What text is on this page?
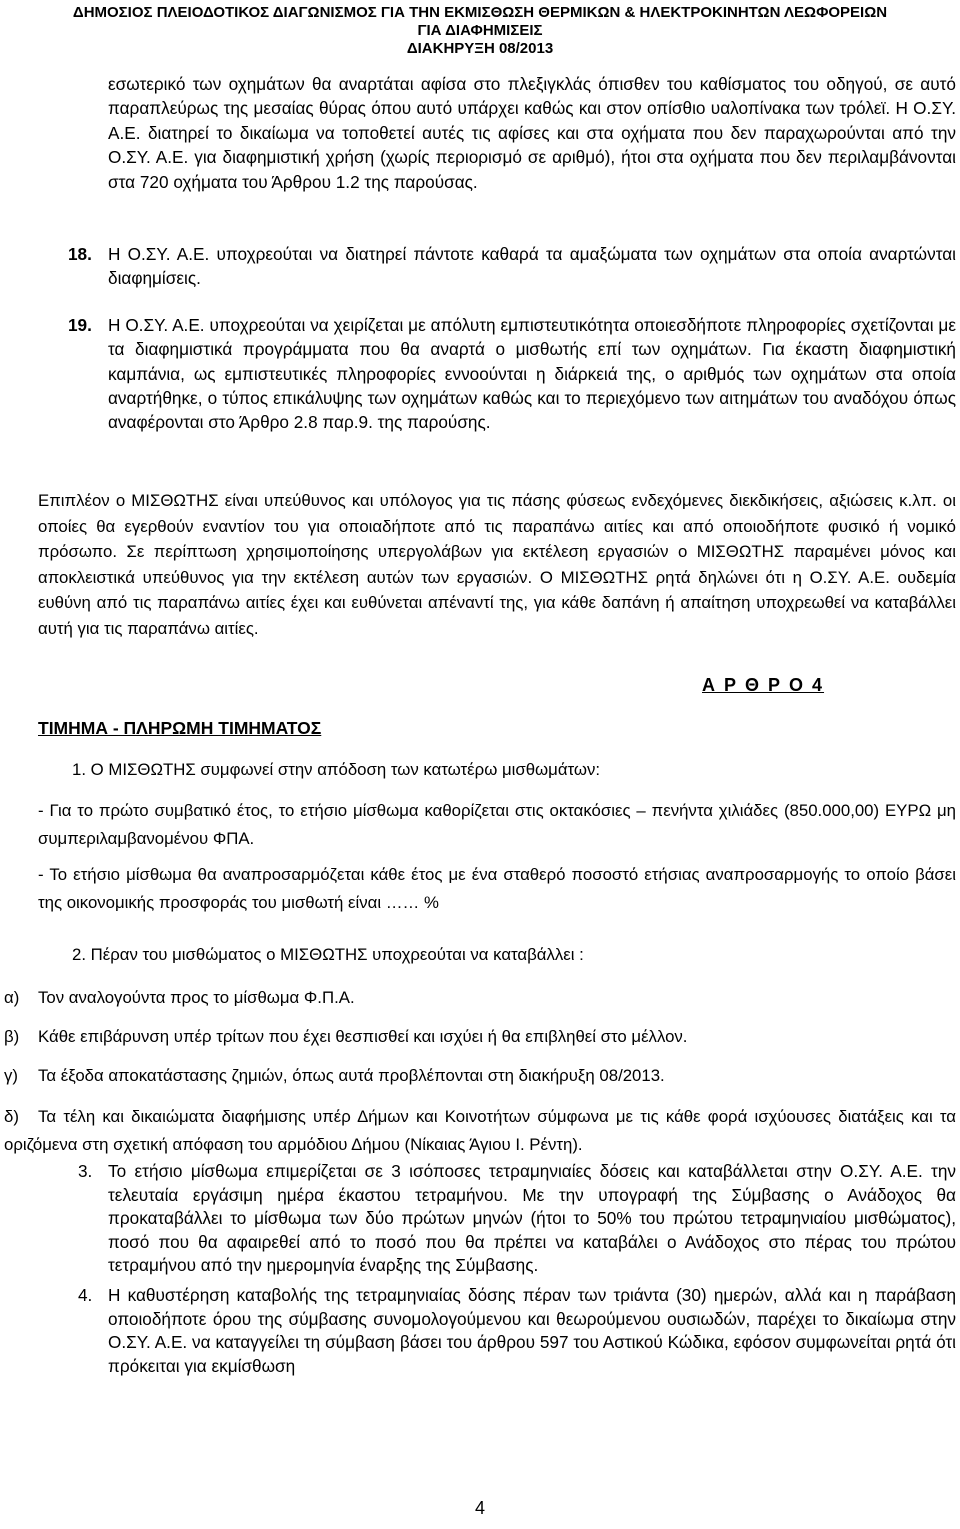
ΔΗΜΟΣΙΟΣ ΠΛΕΙΟΔΟΤΙΚΟΣ ΔΙΑΓΩΝΙΣΜΟΣ ΓΙΑ ΤΗΝ ΕΚΜΙΣΘΩΣΗ ΘΕΡΜΙΚΩΝ & ΗΛΕΚΤΡΟΚΙΝΗΤΩΝ ΛΕΩΦΟΡΕΙΩΝ
ΓΙΑ ΔΙΑΦΗΜΙΣΕΙΣ
ΔΙΑΚΗΡΥΞΗ 08/2013
εσωτερικό των οχημάτων θα αναρτάται αφίσα στο πλεξιγκλάς όπισθεν του καθίσματος του οδηγού, σε αυτό παραπλεύρως της μεσαίας θύρας όπου αυτό υπάρχει καθώς και στον οπίσθιο υαλοπίνακα των τρόλεϊ. Η Ο.ΣΥ. Α.Ε. διατηρεί το δικαίωμα να τοποθετεί αυτές τις αφίσες και στα οχήματα που δεν παραχωρούνται από την Ο.ΣΥ. Α.Ε. για διαφημιστική χρήση (χωρίς περιορισμό σε αριθμό), ήτοι στα οχήματα που δεν περιλαμβάνονται στα 720 οχήματα του Άρθρου 1.2 της παρούσας.
18. Η Ο.ΣΥ. Α.Ε. υποχρεούται να διατηρεί πάντοτε καθαρά τα αμαξώματα των οχημάτων στα οποία αναρτώνται διαφημίσεις.
19. Η Ο.ΣΥ. Α.Ε. υποχρεούται να χειρίζεται με απόλυτη εμπιστευτικότητα οποιεσδήποτε πληροφορίες σχετίζονται με τα διαφημιστικά προγράμματα που θα αναρτά ο μισθωτής επί των οχημάτων. Για έκαστη διαφημιστική καμπάνια, ως εμπιστευτικές πληροφορίες εννοούνται η διάρκειά της, ο αριθμός των οχημάτων στα οποία αναρτήθηκε, ο τύπος επικάλυψης των οχημάτων καθώς και το περιεχόμενο των αιτημάτων του αναδόχου όπως αναφέρονται στο Άρθρο 2.8 παρ.9. της παρούσης.
Επιπλέον ο ΜΙΣΘΩΤΗΣ είναι υπεύθυνος και υπόλογος για τις πάσης φύσεως ενδεχόμενες διεκδικήσεις, αξιώσεις κ.λπ. οι οποίες θα εγερθούν εναντίον του για οποιαδήποτε από τις παραπάνω αιτίες και από οποιοδήποτε φυσικό ή νομικό πρόσωπο. Σε περίπτωση χρησιμοποίησης υπεργολάβων για εκτέλεση εργασιών ο ΜΙΣΘΩΤΗΣ παραμένει μόνος και αποκλειστικά υπεύθυνος για την εκτέλεση αυτών των εργασιών. Ο ΜΙΣΘΩΤΗΣ ρητά δηλώνει ότι η Ο.ΣΥ. Α.Ε. ουδεμία ευθύνη από τις παραπάνω αιτίες έχει και ευθύνεται απέναντί της, για κάθε δαπάνη ή απαίτηση υποχρεωθεί να καταβάλλει αυτή για τις παραπάνω αιτίες.
Α Ρ Θ Ρ Ο 4
ΤΙΜΗΜΑ - ΠΛΗΡΩΜΗ ΤΙΜΗΜΑΤΟΣ
1. Ο ΜΙΣΘΩΤΗΣ συμφωνεί στην απόδοση των κατωτέρω μισθωμάτων:
- Για το πρώτο συμβατικό έτος, το ετήσιο μίσθωμα καθορίζεται στις οκτακόσιες – πενήντα χιλιάδες (850.000,00) ΕΥΡΩ μη συμπεριλαμβανομένου ΦΠΑ.
- Το ετήσιο μίσθωμα θα αναπροσαρμόζεται κάθε έτος με ένα σταθερό ποσοστό ετήσιας αναπροσαρμογής το οποίο βάσει της οικονομικής προσφοράς του μισθωτή είναι …… %
2. Πέραν του μισθώματος ο ΜΙΣΘΩΤΗΣ υποχρεούται να καταβάλλει :
α) Τον αναλογούντα προς το μίσθωμα Φ.Π.Α.
β) Κάθε επιβάρυνση υπέρ τρίτων που έχει θεσπισθεί και ισχύει ή θα επιβληθεί στο μέλλον.
γ) Τα έξοδα αποκατάστασης ζημιών, όπως αυτά προβλέπονται στη διακήρυξη 08/2013.
δ)	Τα τέλη και δικαιώματα διαφήμισης υπέρ Δήμων και Κοινοτήτων σύμφωνα με τις κάθε φορά ισχύουσες διατάξεις και τα οριζόμενα στη σχετική απόφαση του αρμόδιου Δήμου (Νίκαιας Άγιου Ι. Ρέντη).
3. Το ετήσιο μίσθωμα επιμερίζεται σε 3 ισόποσες τετραμηνιαίες δόσεις και καταβάλλεται στην Ο.ΣΥ. Α.Ε. την τελευταία εργάσιμη ημέρα έκαστου τετραμήνου. Με την υπογραφή της Σύμβασης ο Ανάδοχος θα προκαταβάλλει το μίσθωμα των δύο πρώτων μηνών (ήτοι το 50% του πρώτου τετραμηνιαίου μισθώματος), ποσό που θα αφαιρεθεί από το ποσό που θα πρέπει να καταβάλει ο Ανάδοχος στο πέρας του πρώτου τετραμήνου από την ημερομηνία έναρξης της Σύμβασης.
4. Η καθυστέρηση καταβολής της τετραμηνιαίας δόσης πέραν των τριάντα (30) ημερών, αλλά και η παράβαση οποιοδήποτε όρου της σύμβασης συνομολογούμενου και θεωρούμενου ουσιωδών, παρέχει το δικαίωμα στην Ο.ΣΥ. Α.Ε. να καταγγείλει τη σύμβαση βάσει του άρθρου 597 του Αστικού Κώδικα, εφόσον συμφωνείται ρητά ότι πρόκειται για εκμίσθωση
4
